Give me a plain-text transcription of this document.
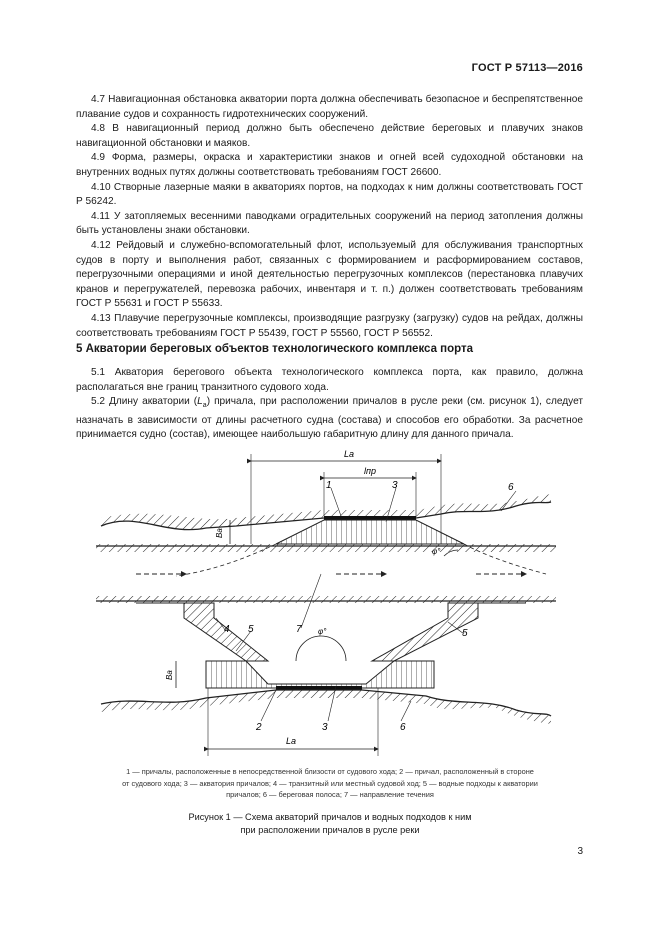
ГОСТ Р 57113—2016

4.7 Навигационная обстановка акватории порта должна обеспечивать безопасное и беспрепятственное плавание судов и сохранность гидротехнических сооружений.

4.8 В навигационный период должно быть обеспечено действие береговых и плавучих знаков навигационной обстановки и маяков.

4.9 Форма, размеры, окраска и характеристики знаков и огней всей судоходной обстановки на внутренних водных путях должны соответствовать требованиям ГОСТ 26600.

4.10 Створные лазерные маяки в акваториях портов, на подходах к ним должны соответствовать ГОСТ Р 56242.

4.11 У затопляемых весенними паводками оградительных сооружений на период затопления должны быть установлены знаки обстановки.

4.12 Рейдовый и служебно-вспомогательный флот, используемый для обслуживания транспортных судов в порту и выполнения работ, связанных с формированием и расформированием составов, перегрузочными операциями и иной деятельностью перегрузочных комплексов (перестановка плавучих кранов и перегружателей, перевозка рабочих, инвентаря и т. п.) должен соответствовать требованиям ГОСТ Р 55631 и ГОСТ Р 55633.

4.13 Плавучие перегрузочные комплексы, производящие разгрузку (загрузку) судов на рейдах, должны соответствовать требованиям ГОСТ Р 55439, ГОСТ Р 55560, ГОСТ Р 56552.

5 Акватории береговых объектов технологического комплекса порта

5.1 Акватория берегового объекта технологического комплекса порта, как правило, должна располагаться вне границ транзитного судового хода.

5.2 Длину акватории $(L_а)$ причала, при расположении причалов в русле реки (см. рисунок 1), следует назначать в зависимости от длины расчетного судна (состава) и способов его обработки. За расчетное принимается судно (состав), имеющее наибольшую габаритную длину для данного причала.

Lа
lпр
1	3	6
Bа
φ°
4 5	7 φ°	5
Bа
2	3	6
Lа
1 — причалы, расположенные в непосредственной близости от судового хода; 2 — причал, расположенный в стороне
от судового хода; 3 — акватория причалов; 4 — транзитный или местный судовой ход; 5 — водные подходы к акватории
причалов; 6 — береговая полоса; 7 — направление течения
Рисунок 1 — Схема акваторий причалов и водных подходов к ним
при расположении причалов в русле реки
3
